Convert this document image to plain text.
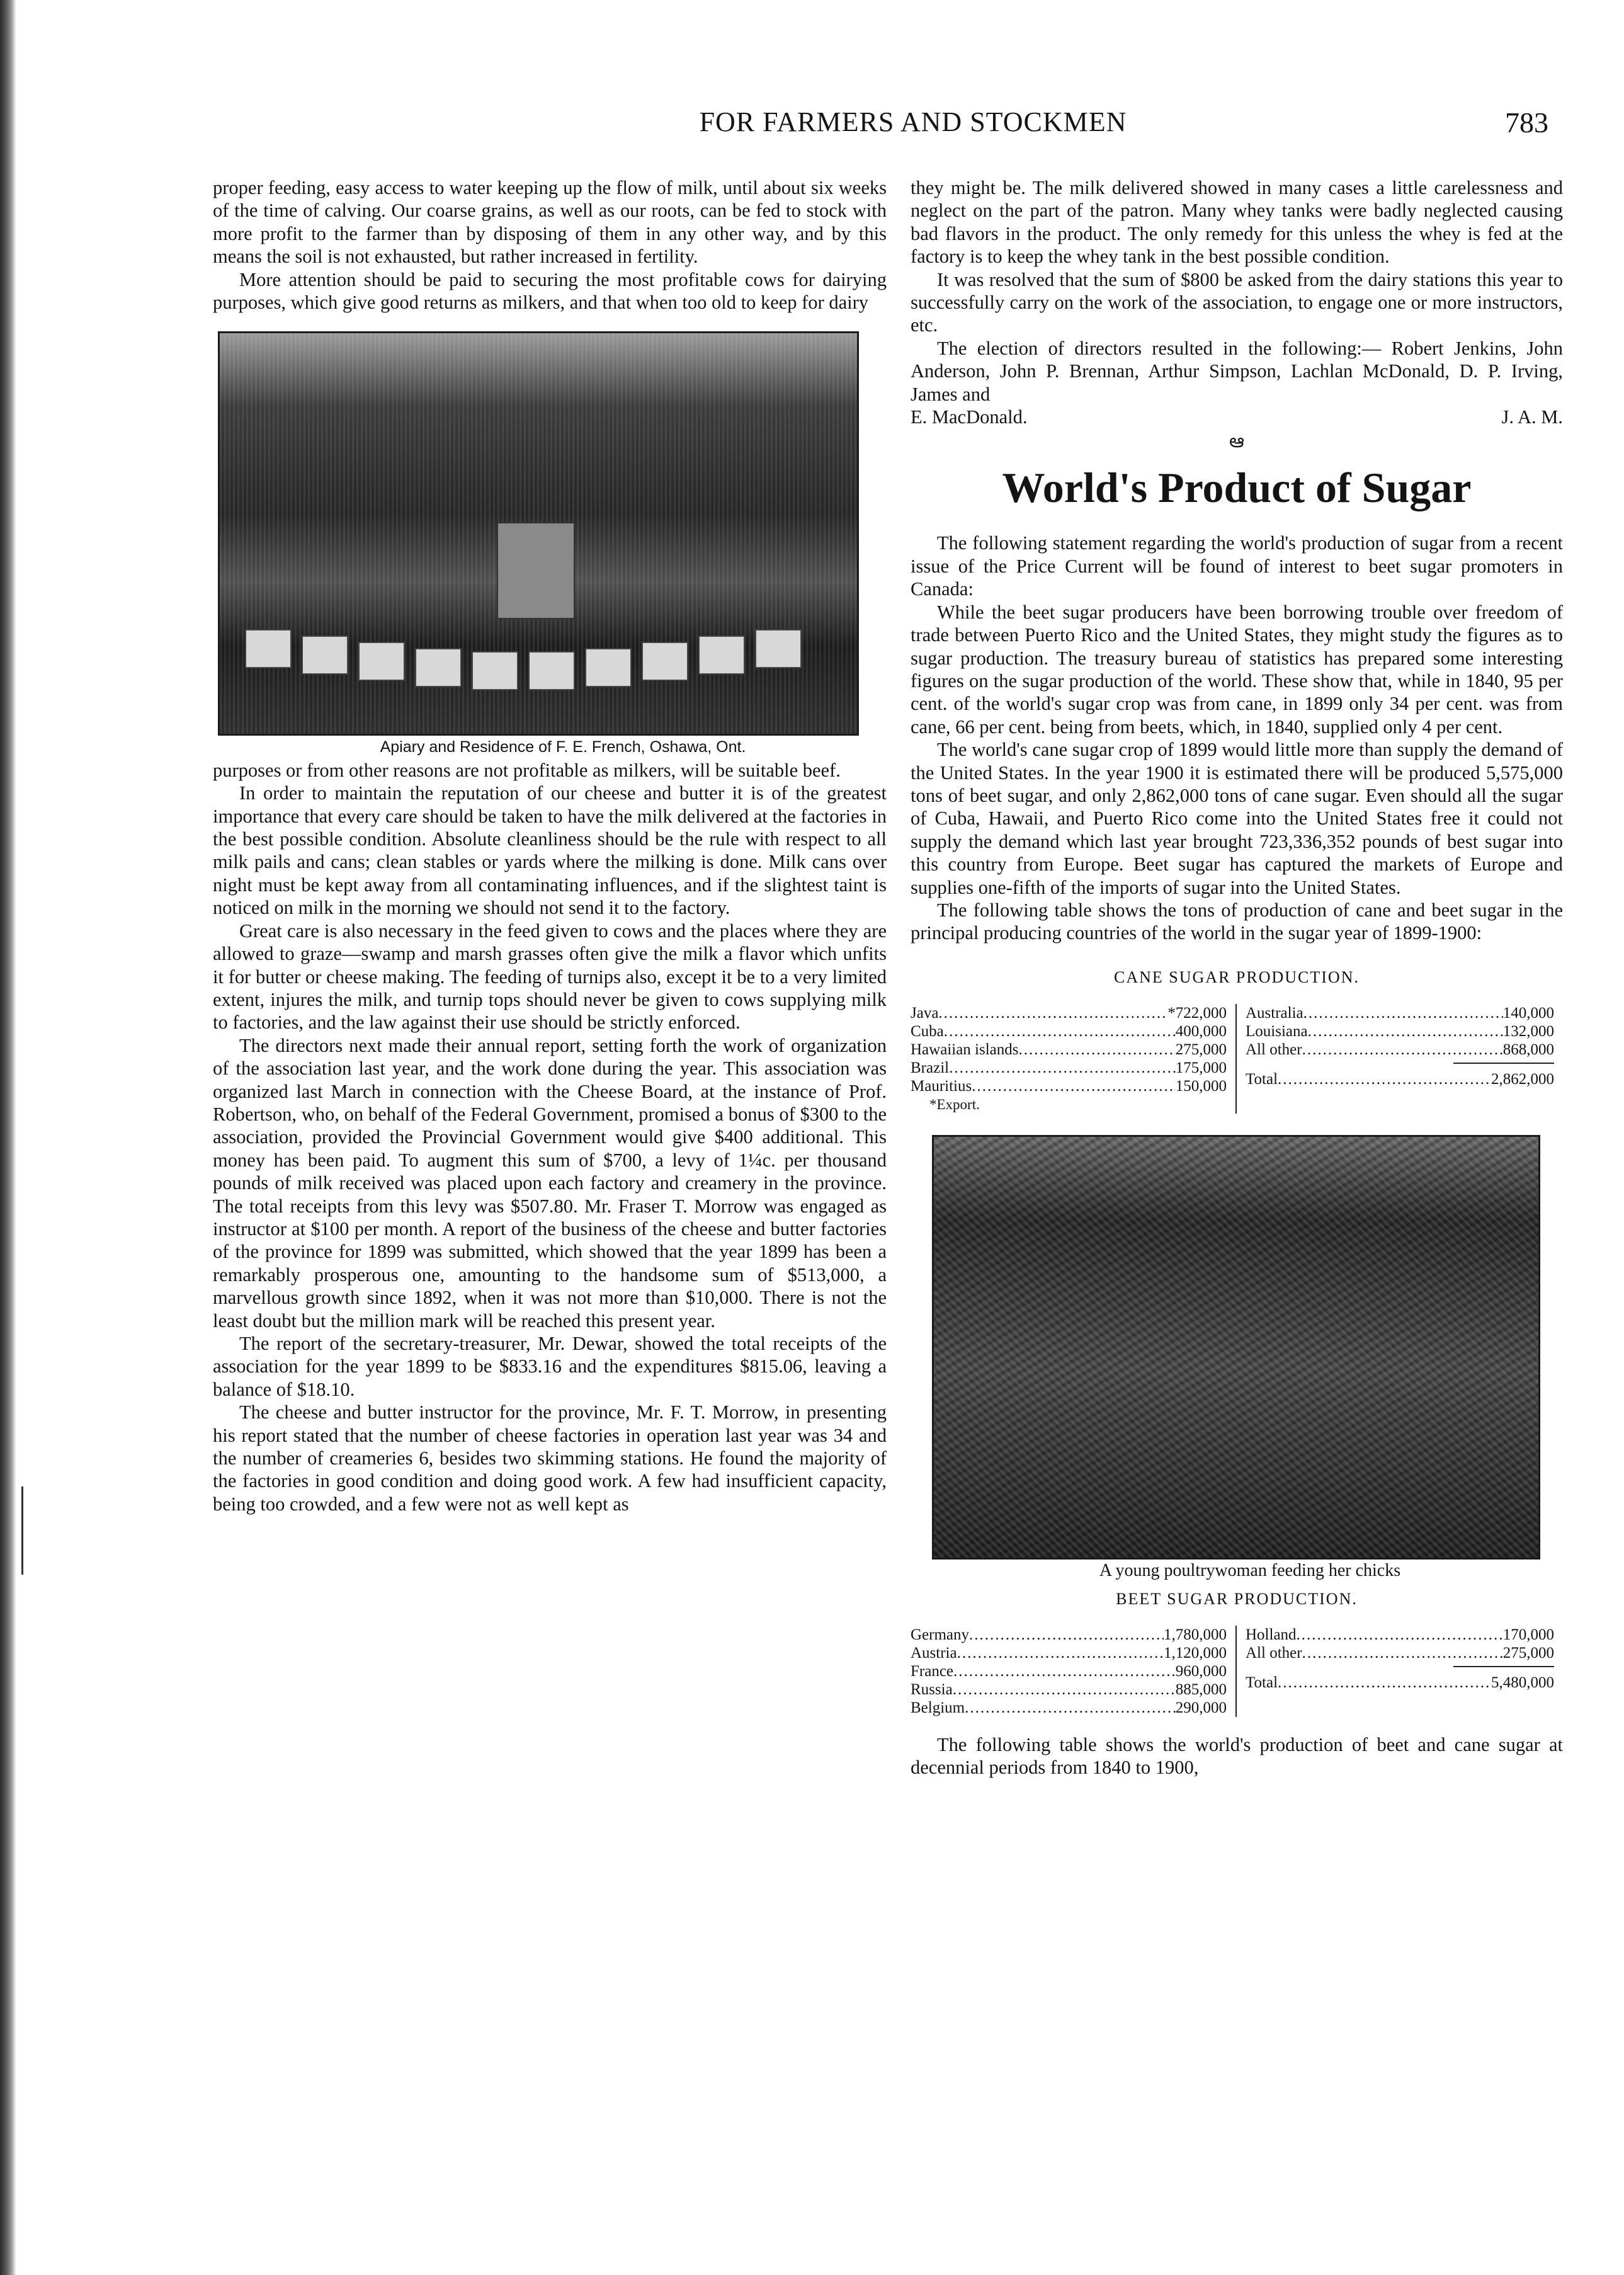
FOR FARMERS AND STOCKMEN	783

proper feeding, easy access to water keeping up the flow of milk, until about six weeks of the time of calving. Our coarse grains, as well as our roots, can be fed to stock with more profit to the farmer than by disposing of them in any other way, and by this means the soil is not exhausted, but rather increased in fertility.

More attention should be paid to securing the most profitable cows for dairying purposes, which give good returns as milkers, and that when too old to keep for dairy

Apiary and Residence of F. E. French, Oshawa, Ont.

purposes or from other reasons are not profitable as milkers, will be suitable beef.

In order to maintain the reputation of our cheese and butter it is of the greatest importance that every care should be taken to have the milk delivered at the factories in the best possible condition. Absolute cleanliness should be the rule with respect to all milk pails and cans; clean stables or yards where the milking is done. Milk cans over night must be kept away from all contaminating influences, and if the slightest taint is noticed on milk in the morning we should not send it to the factory.

Great care is also necessary in the feed given to cows and the places where they are allowed to graze—swamp and marsh grasses often give the milk a flavor which unfits it for butter or cheese making. The feeding of turnips also, except it be to a very limited extent, injures the milk, and turnip tops should never be given to cows supplying milk to factories, and the law against their use should be strictly enforced.

The directors next made their annual report, setting forth the work of organization of the association last year, and the work done during the year. This association was organized last March in connection with the Cheese Board, at the instance of Prof. Robertson, who, on behalf of the Federal Government, promised a bonus of $300 to the association, provided the Provincial Government would give $400 additional. This money has been paid. To augment this sum of $700, a levy of 1¼c. per thousand pounds of milk received was placed upon each factory and creamery in the province. The total receipts from this levy was $507.80. Mr. Fraser T. Morrow was engaged as instructor at $100 per month. A report of the business of the cheese and butter factories of the province for 1899 was submitted, which showed that the year 1899 has been a remarkably prosperous one, amounting to the handsome sum of $513,000, a marvellous growth since 1892, when it was not more than $10,000. There is not the least doubt but the million mark will be reached this present year.

The report of the secretary-treasurer, Mr. Dewar, showed the total receipts of the association for the year 1899 to be $833.16 and the expenditures $815.06, leaving a balance of $18.10.

The cheese and butter instructor for the province, Mr. F. T. Morrow, in presenting his report stated that the number of cheese factories in operation last year was 34 and the number of creameries 6, besides two skimming stations. He found the majority of the factories in good condition and doing good work. A few had insufficient capacity, being too crowded, and a few were not as well kept as

they might be. The milk delivered showed in many cases a little carelessness and neglect on the part of the patron. Many whey tanks were badly neglected causing bad flavors in the product. The only remedy for this unless the whey is fed at the factory is to keep the whey tank in the best possible condition.

It was resolved that the sum of $800 be asked from the dairy stations this year to successfully carry on the work of the association, to engage one or more instructors, etc.

The election of directors resulted in the following:— Robert Jenkins, John Anderson, John P. Brennan, Arthur Simpson, Lachlan McDonald, D. P. Irving, James and

E. MacDonald.	J. A. M.
ఆ
World's Product of Sugar

The following statement regarding the world's production of sugar from a recent issue of the Price Current will be found of interest to beet sugar promoters in Canada:

While the beet sugar producers have been borrowing trouble over freedom of trade between Puerto Rico and the United States, they might study the figures as to sugar production. The treasury bureau of statistics has prepared some interesting figures on the sugar production of the world. These show that, while in 1840, 95 per cent. of the world's sugar crop was from cane, in 1899 only 34 per cent. was from cane, 66 per cent. being from beets, which, in 1840, supplied only 4 per cent.

The world's cane sugar crop of 1899 would little more than supply the demand of the United States. In the year 1900 it is estimated there will be produced 5,575,000 tons of beet sugar, and only 2,862,000 tons of cane sugar. Even should all the sugar of Cuba, Hawaii, and Puerto Rico come into the United States free it could not supply the demand which last year brought 723,336,352 pounds of best sugar into this country from Europe. Beet sugar has captured the markets of Europe and supplies one-fifth of the imports of sugar into the United States.

The following table shows the tons of production of cane and beet sugar in the principal producing countries of the world in the sugar year of 1899-1900:

CANE SUGAR PRODUCTION.
Java .....	*722,000
Cuba .....	400,000
Hawaiian islands .....	275,000
Brazil .....	175,000
Mauritius .....	150,000
*Export.
Australia .....	140,000
Louisiana .....	132,000
All other .....	868,000
Total .....	2,862,000

A young poultrywoman feeding her chicks

BEET SUGAR PRODUCTION.
Germany .....	1,780,000
Austria .....	1,120,000
France .....	960,000
Russia .....	885,000
Belgium .....	290,000
Holland .....	170,000
All other .....	275,000
Total .....	5,480,000

The following table shows the world's production of beet and cane sugar at decennial periods from 1840 to 1900,
